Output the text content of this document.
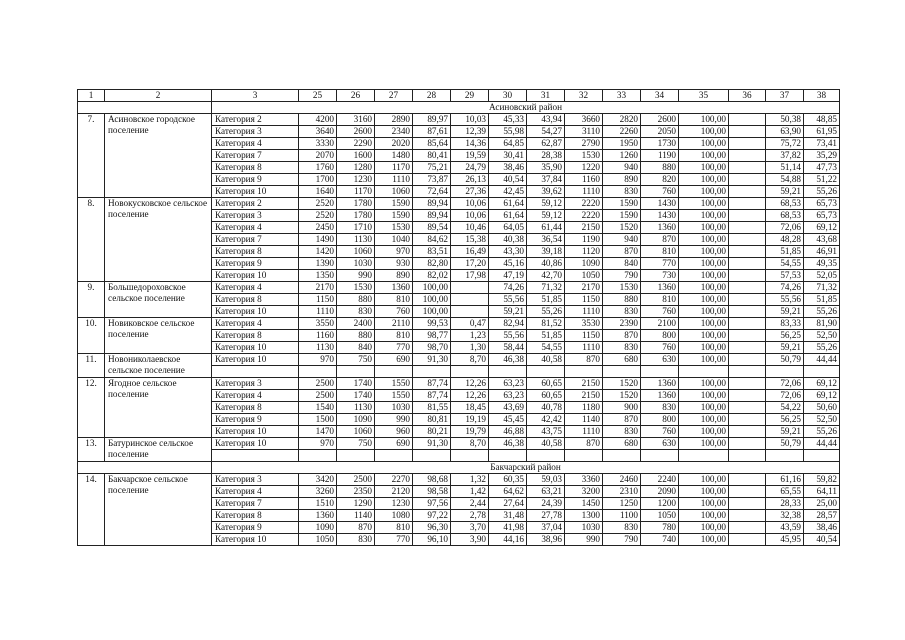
1	2	3	25	26	27	28	29	30	31	32	33	34	35	36	37	38
		Асиновский район														
7.	Асиновское городское поселение	Категория 2	4200	3160	2890	89,97	10,03	45,33	43,94	3660	2820	2600	100,00		50,38	48,85
		Категория 3	3640	2600	2340	87,61	12,39	55,98	54,27	3110	2260	2050	100,00		63,90	61,95
		Категория 4	3330	2290	2020	85,64	14,36	64,85	62,87	2790	1950	1730	100,00		75,72	73,41
		Категория 7	2070	1600	1480	80,41	19,59	30,41	28,38	1530	1260	1190	100,00		37,82	35,29
		Категория 8	1760	1280	1170	75,21	24,79	38,46	35,90	1220	940	880	100,00		51,14	47,73
		Категория 9	1700	1230	1110	73,87	26,13	40,54	37,84	1160	890	820	100,00		54,88	51,22
		Категория 10	1640	1170	1060	72,64	27,36	42,45	39,62	1110	830	760	100,00		59,21	55,26
8.	Новокусковское сельское поселение	Категория 2	2520	1780	1590	89,94	10,06	61,64	59,12	2220	1590	1430	100,00		68,53	65,73
		Категория 3	2520	1780	1590	89,94	10,06	61,64	59,12	2220	1590	1430	100,00		68,53	65,73
		Категория 4	2450	1710	1530	89,54	10,46	64,05	61,44	2150	1520	1360	100,00		72,06	69,12
		Категория 7	1490	1130	1040	84,62	15,38	40,38	36,54	1190	940	870	100,00		48,28	43,68
		Категория 8	1420	1060	970	83,51	16,49	43,30	39,18	1120	870	810	100,00		51,85	46,91
		Категория 9	1390	1030	930	82,80	17,20	45,16	40,86	1090	840	770	100,00		54,55	49,35
		Категория 10	1350	990	890	82,02	17,98	47,19	42,70	1050	790	730	100,00		57,53	52,05
9.	Большедороховское сельское поселение	Категория 4	2170	1530	1360	100,00		74,26	71,32	2170	1530	1360	100,00		74,26	71,32
		Категория 8	1150	880	810	100,00		55,56	51,85	1150	880	810	100,00		55,56	51,85
		Категория 10	1110	830	760	100,00		59,21	55,26	1110	830	760	100,00		59,21	55,26
10.	Новиковское сельское поселение	Категория 4	3550	2400	2110	99,53	0,47	82,94	81,52	3530	2390	2100	100,00		83,33	81,90
		Категория 8	1160	880	810	98,77	1,23	55,56	51,85	1150	870	800	100,00		56,25	52,50
		Категория 10	1130	840	770	98,70	1,30	58,44	54,55	1110	830	760	100,00		59,21	55,26
11.	Новониколаевское сельское поселение	Категория 10	970	750	690	91,30	8,70	46,38	40,58	870	680	630	100,00		50,79	44,44

12.	Ягодное сельское поселение	Категория 3	2500	1740	1550	87,74	12,26	63,23	60,65	2150	1520	1360	100,00		72,06	69,12
		Категория 4	2500	1740	1550	87,74	12,26	63,23	60,65	2150	1520	1360	100,00		72,06	69,12
		Категория 8	1540	1130	1030	81,55	18,45	43,69	40,78	1180	900	830	100,00		54,22	50,60
		Категория 9	1500	1090	990	80,81	19,19	45,45	42,42	1140	870	800	100,00		56,25	52,50
		Категория 10	1470	1060	960	80,21	19,79	46,88	43,75	1110	830	760	100,00		59,21	55,26
13.	Батуринское сельское поселение	Категория 10	970	750	690	91,30	8,70	46,38	40,58	870	680	630	100,00		50,79	44,44

		Бакчарский район														
14.	Бакчарское сельское поселение	Категория 3	3420	2500	2270	98,68	1,32	60,35	59,03	3360	2460	2240	100,00		61,16	59,82
		Категория 4	3260	2350	2120	98,58	1,42	64,62	63,21	3200	2310	2090	100,00		65,55	64,11
		Категория 7	1510	1290	1230	97,56	2,44	27,64	24,39	1450	1250	1200	100,00		28,33	25,00
		Категория 8	1360	1140	1080	97,22	2,78	31,48	27,78	1300	1100	1050	100,00		32,38	28,57
		Категория 9	1090	870	810	96,30	3,70	41,98	37,04	1030	830	780	100,00		43,59	38,46
		Категория 10	1050	830	770	96,10	3,90	44,16	38,96	990	790	740	100,00		45,95	40,54
